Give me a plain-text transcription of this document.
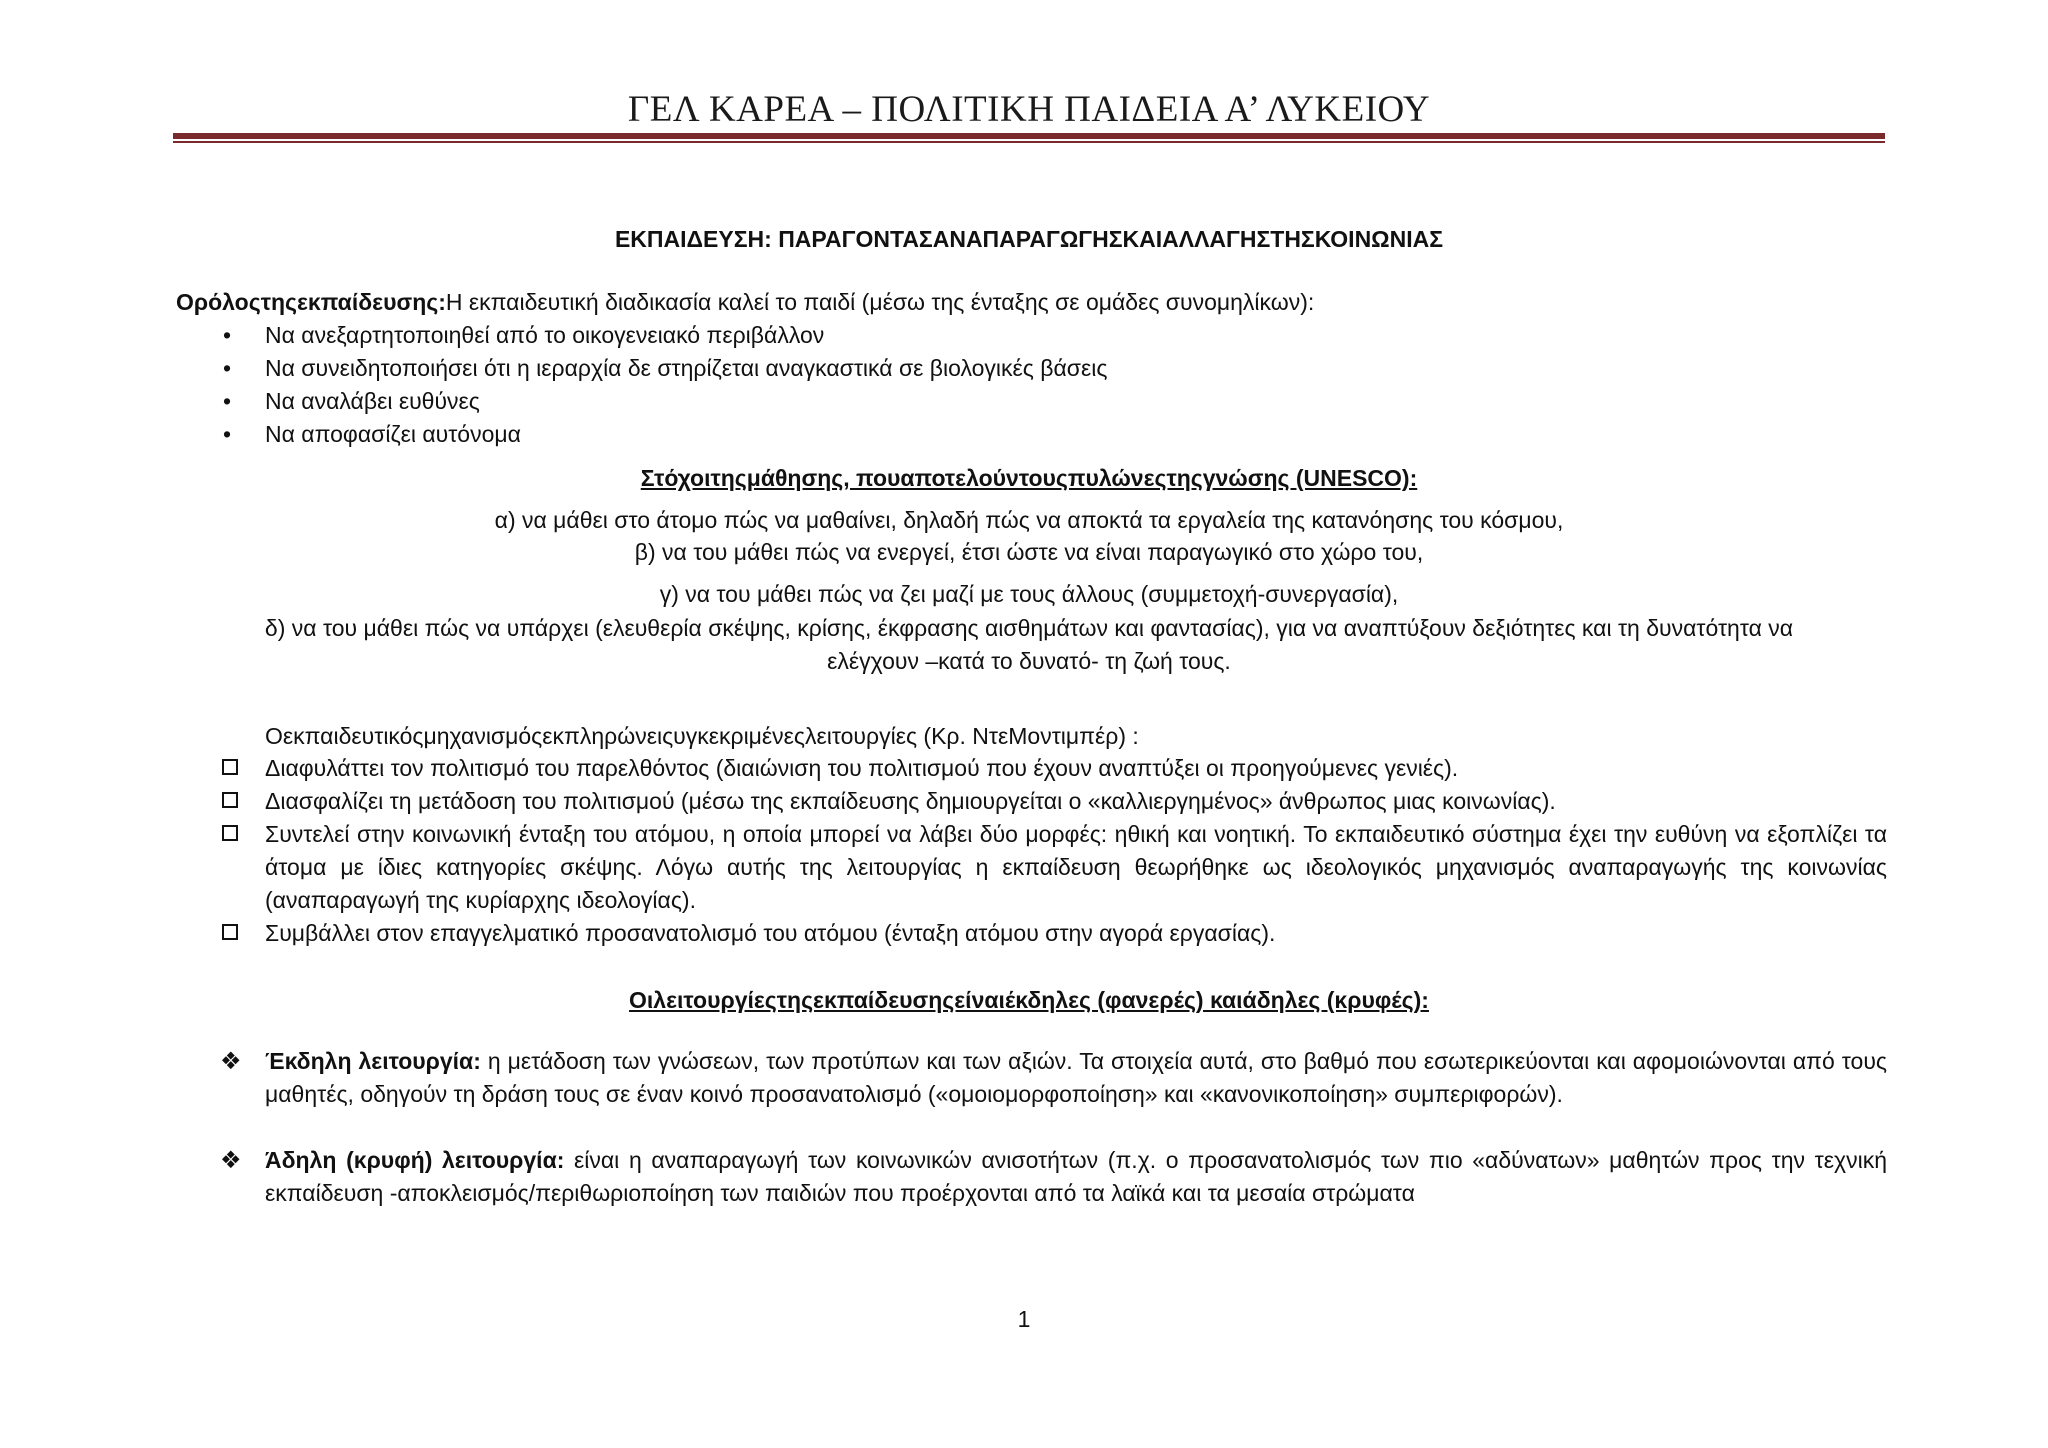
ΓΕΛ ΚΑΡΕΑ – ΠΟΛΙΤΙΚΗ ΠΑΙΔΕΙΑ Α’ ΛΥΚΕΙΟΥ
ΕΚΠΑΙΔΕΥΣΗ: ΠΑΡΑΓΟΝΤΑΣΑΝΑΠΑΡΑΓΩΓΗΣΚΑΙΑΛΛΑΓΗΣΤΗΣΚΟΙΝΩΝΙΑΣ
Ορόλοςτηςεκπαίδευσης:Η εκπαιδευτική διαδικασία καλεί το παιδί (μέσω της ένταξης σε ομάδες συνομηλίκων):
• Να ανεξαρτητοποιηθεί από το οικογενειακό περιβάλλον
• Να συνειδητοποιήσει ότι η ιεραρχία δε στηρίζεται αναγκαστικά σε βιολογικές βάσεις
• Να αναλάβει ευθύνες
• Να αποφασίζει αυτόνομα
Στόχοιτηςμάθησης, πουαποτελούντουςπυλώνεςτηςγνώσης (UNESCO):
α) να μάθει στο άτομο πώς να μαθαίνει, δηλαδή πώς να αποκτά τα εργαλεία της κατανόησης του κόσμου,
β) να του μάθει πώς να ενεργεί, έτσι ώστε να είναι παραγωγικό στο χώρο του,
γ) να του μάθει πώς να ζει μαζί με τους άλλους (συμμετοχή-συνεργασία),
δ) να του μάθει πώς να υπάρχει (ελευθερία σκέψης, κρίσης, έκφρασης αισθημάτων και φαντασίας), για να αναπτύξουν δεξιότητες και τη δυνατότητα να
ελέγχουν –κατά το δυνατό- τη ζωή τους.
Οεκπαιδευτικόςμηχανισμόςεκπληρώνειςυγκεκριμένεςλειτουργίες (Κρ. ΝτεΜοντιμπέρ) :
Διαφυλάττει τον πολιτισμό του παρελθόντος (διαιώνιση του πολιτισμού που έχουν αναπτύξει οι προηγούμενες γενιές).
Διασφαλίζει τη μετάδοση του πολιτισμού (μέσω της εκπαίδευσης δημιουργείται ο «καλλιεργημένος» άνθρωπος μιας κοινωνίας).
Συντελεί στην κοινωνική ένταξη του ατόμου, η οποία μπορεί να λάβει δύο μορφές: ηθική και νοητική. Το εκπαιδευτικό σύστημα έχει την ευθύνη να εξοπλίζει τα άτομα με ίδιες κατηγορίες σκέψης. Λόγω αυτής της λειτουργίας η εκπαίδευση θεωρήθηκε ως ιδεολογικός μηχανισμός αναπαραγωγής της κοινωνίας (αναπαραγωγή της κυρίαρχης ιδεολογίας).
Συμβάλλει στον επαγγελματικό προσανατολισμό του ατόμου (ένταξη ατόμου στην αγορά εργασίας).
Οιλειτουργίεςτηςεκπαίδευσηςείναιέκδηλες (φανερές) καιάδηλες (κρυφές):
❖ Έκδηλη λειτουργία: η μετάδοση των γνώσεων, των προτύπων και των αξιών. Τα στοιχεία αυτά, στο βαθμό που εσωτερικεύονται και αφομοιώνονται από τους μαθητές, οδηγούν τη δράση τους σε έναν κοινό προσανατολισμό («ομοιομορφοποίηση» και «κανονικοποίηση» συμπεριφορών).
❖ Άδηλη (κρυφή) λειτουργία: είναι η αναπαραγωγή των κοινωνικών ανισοτήτων (π.χ. ο προσανατολισμός των πιο «αδύνατων» μαθητών προς την τεχνική εκπαίδευση -αποκλεισμός/περιθωριοποίηση των παιδιών που προέρχονται από τα λαϊκά και τα μεσαία στρώματα
1
